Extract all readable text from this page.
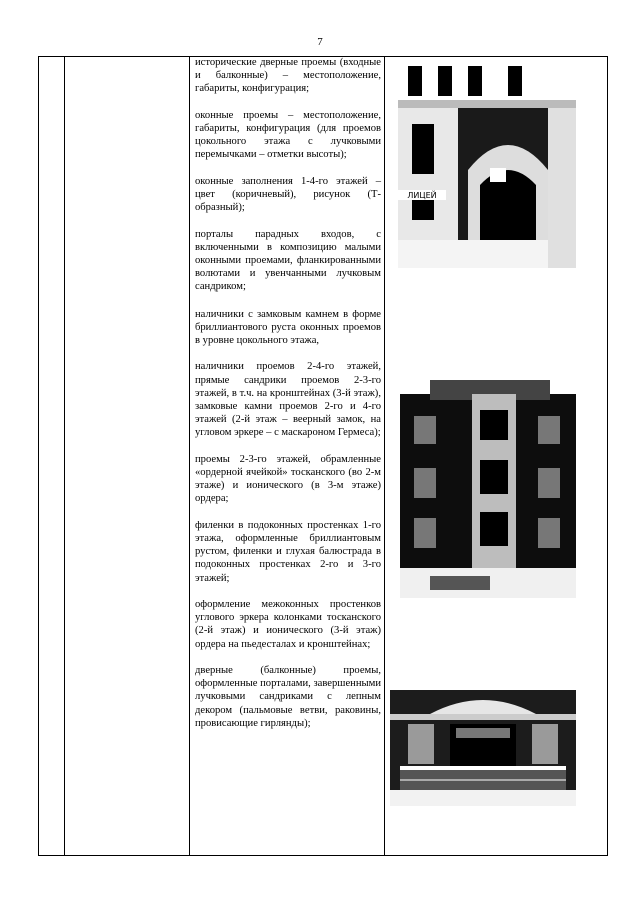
7

исторические дверные проемы (входные и балконные) – местоположение, габариты, конфигурация;

оконные проемы – местоположение, габариты, конфигурация (для проемов цокольного этажа с лучковыми перемычками – отметки высоты);

оконные заполнения 1-4-го этажей – цвет (коричневый), рисунок (Т-образный);

порталы парадных входов, с включенными в композицию малыми оконными проемами, фланкированными волютами и увенчанными лучковым сандриком;

наличники с замковым камнем в форме бриллиантового руста оконных проемов в уровне цокольного этажа,

наличники проемов 2-4-го этажей, прямые сандрики проемов 2-3-го этажей, в т.ч. на кронштейнах (3-й этаж), замковые камни проемов 2-го и 4-го этажей (2-й этаж – веерный замок, на угловом эркере – с маскароном Гермеса);

проемы 2-3-го этажей, обрамленные «ордерной ячейкой» тосканского (во 2-м этаже) и ионического (в 3-м этаже) ордера;

филенки в подоконных простенках 1-го этажа, оформленные бриллиантовым рустом, филенки и глухая балюстрада в подоконных простенках 2-го и 3-го этажей;

оформление межоконных простенков углового эркера колонками тосканского (2-й этаж) и ионического (3-й этаж) ордера на пьедесталах и кронштейнах;

дверные (балконные) проемы, оформленные порталами, завершенными лучковыми сандриками с лепным декором (пальмовые ветви, раковины, провисающие гирлянды);

ЛИЦЕЙ
